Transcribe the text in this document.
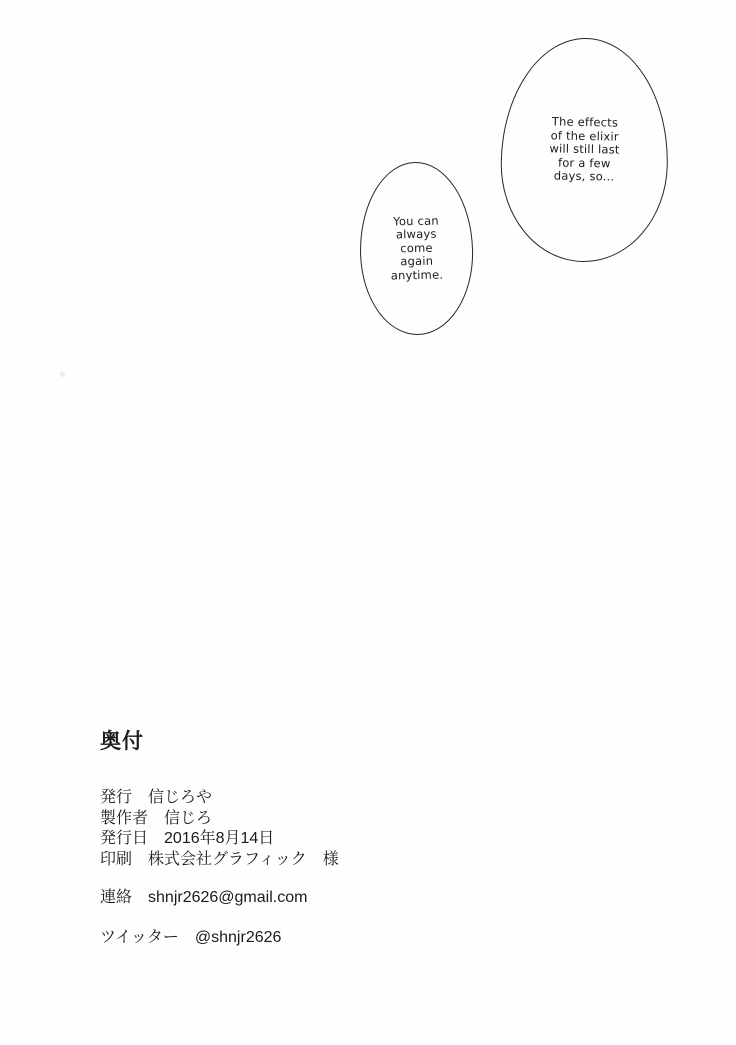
The effects
of the elixir
will still last
for a few
days, so...
You can
always
come
again
anytime.
奥付
発行 信じろや
製作者 信じろ
発行日 2016年8月14日
印刷 株式会社グラフィック　様
連絡 shnjr2626@gmail.com
ツイッター @shnjr2626
